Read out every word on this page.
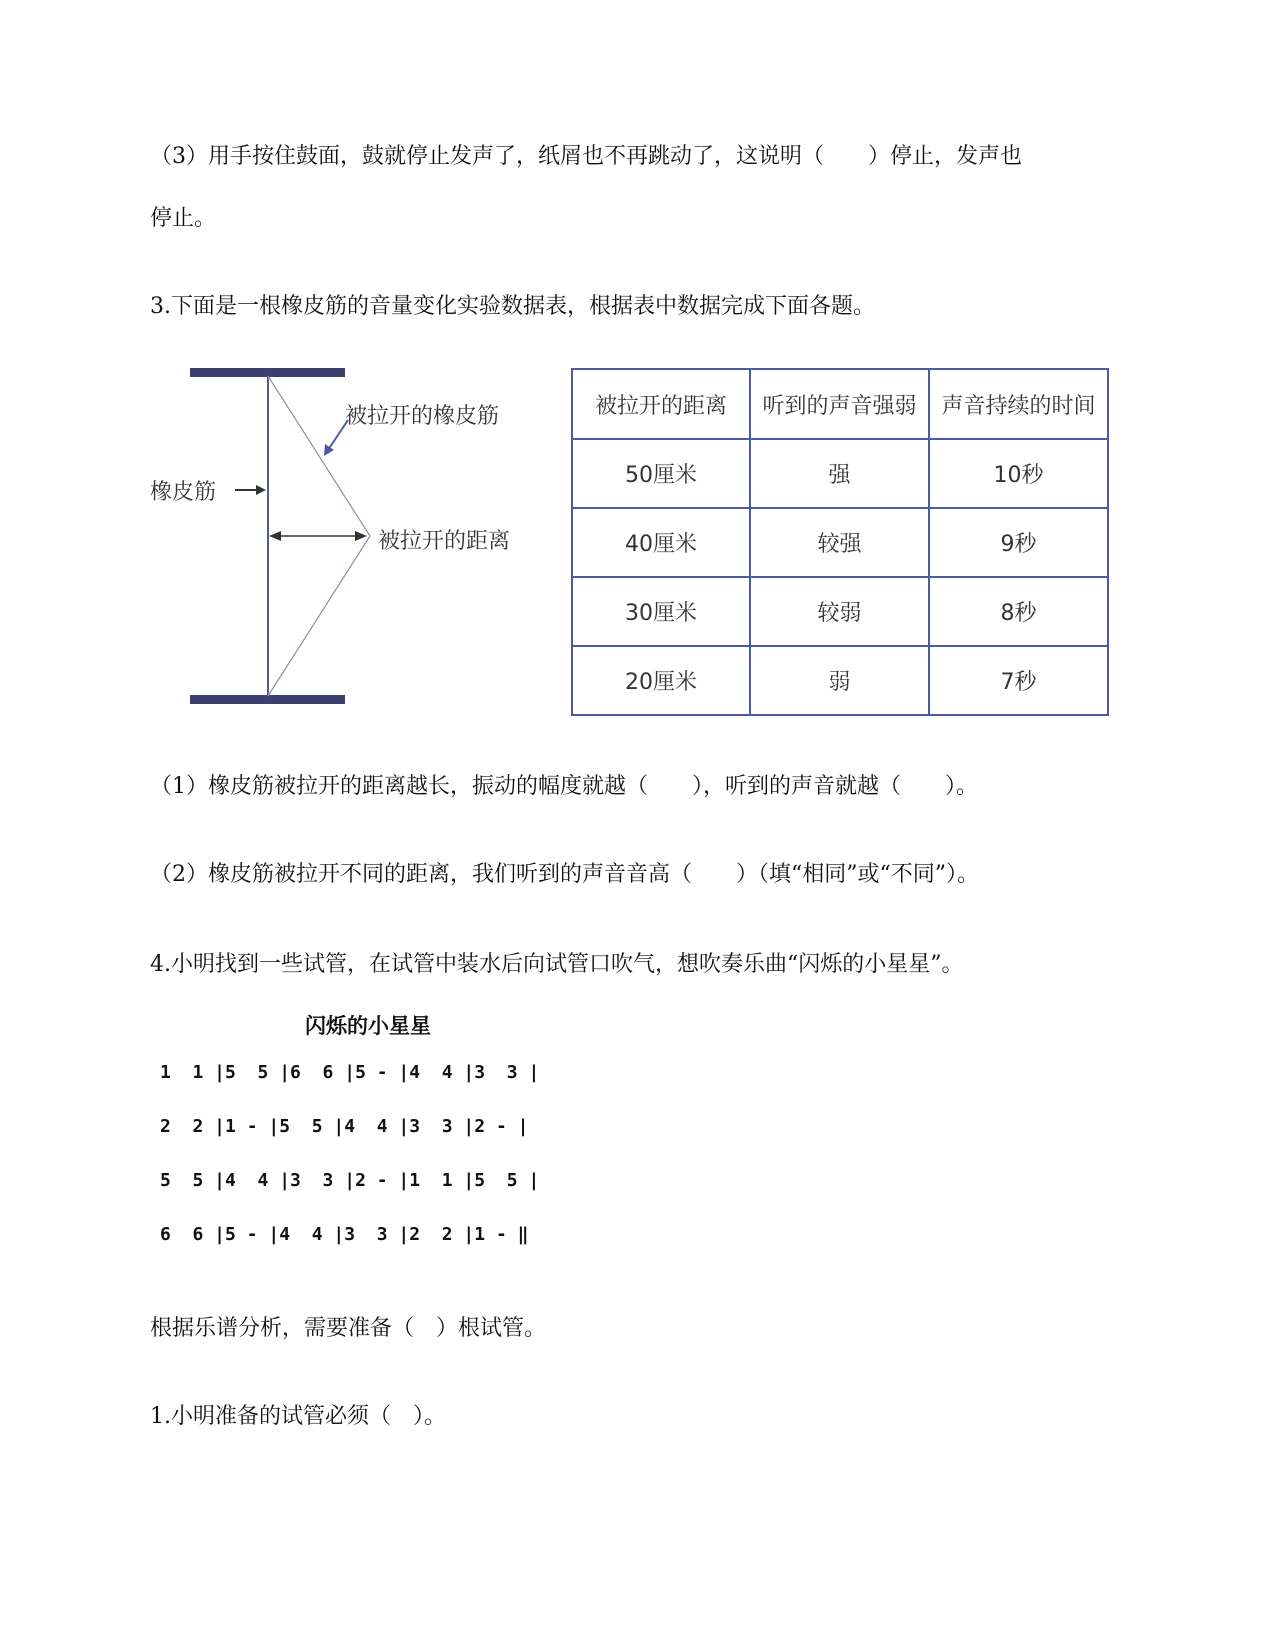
（3）用手按住鼓面，鼓就停止发声了，纸屑也不再跳动了，这说明（　　）停止，发声也

停止。

3.下面是一根橡皮筋的音量变化实验数据表，根据表中数据完成下面各题。

橡皮筋
被拉开的橡皮筋
被拉开的距离
被拉开的距离	听到的声音强弱	声音持续的时间
50厘米	强	10秒
40厘米	较强	9秒
30厘米	较弱	8秒
20厘米	弱	7秒

（1）橡皮筋被拉开的距离越长，振动的幅度就越（　　），听到的声音就越（　　）。

（2）橡皮筋被拉开不同的距离，我们听到的声音音高（　　）（填“相同”或“不同”）。

4.小明找到一些试管，在试管中装水后向试管口吹气，想吹奏乐曲“闪烁的小星星”。

闪烁的小星星

1  1 |5  5 |6  6 |5 - |4  4 |3  3 |
2  2 |1 - |5  5 |4  4 |3  3 |2 - |
5  5 |4  4 |3  3 |2 - |1  1 |5  5 |
6  6 |5 - |4  4 |3  3 |2  2 |1 - ‖

根据乐谱分析，需要准备（　）根试管。

1.小明准备的试管必须（　）。
